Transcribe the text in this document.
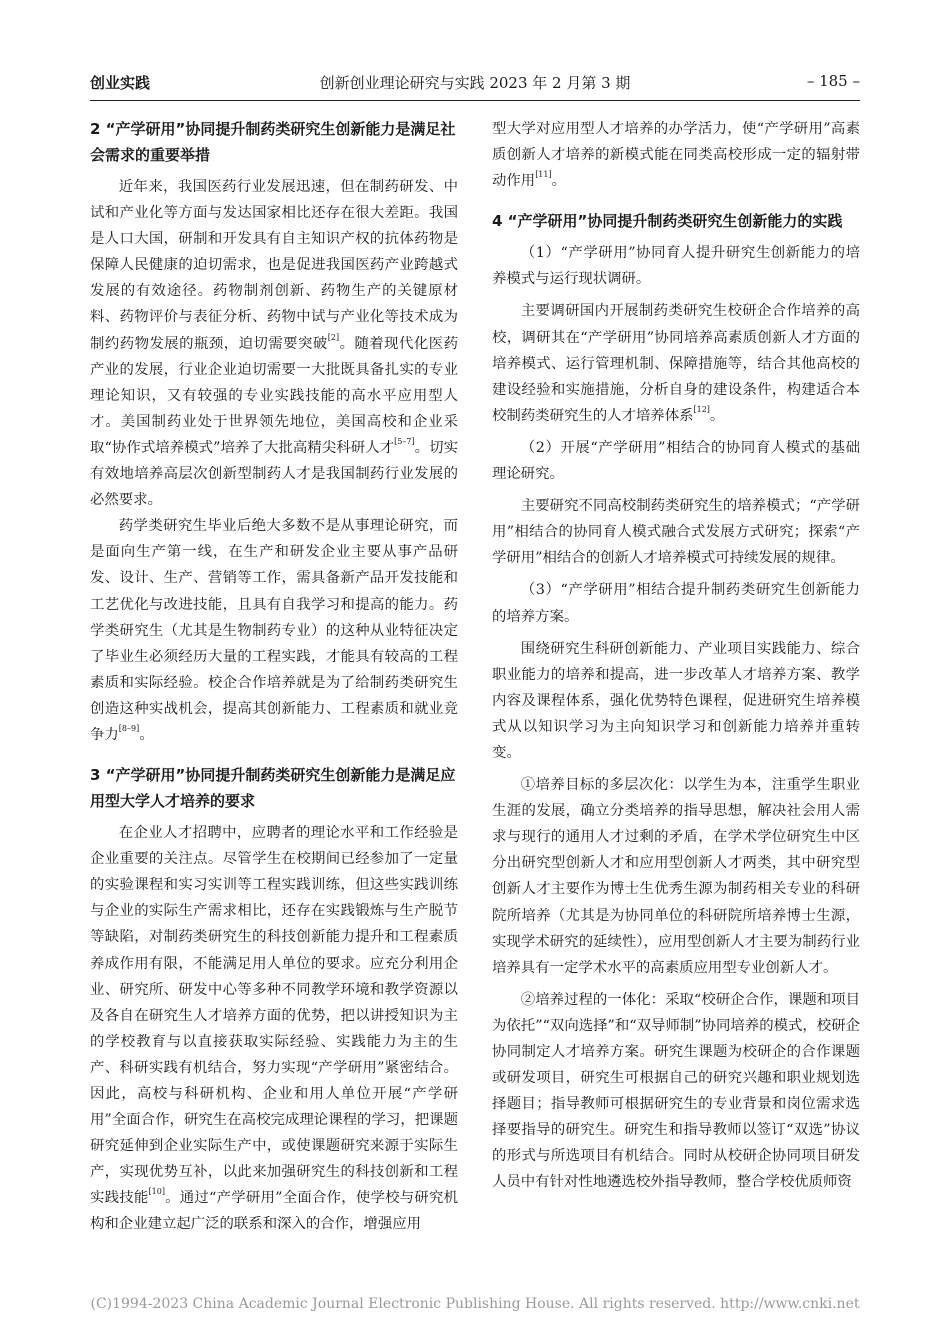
创业实践	创新创业理论研究与实践 2023 年 2 月第 3 期	– 185 –
2 “产学研用”协同提升制药类研究生创新能力是满足社会需求的重要举措

近年来，我国医药行业发展迅速，但在制药研发、中试和产业化等方面与发达国家相比还存在很大差距。我国是人口大国，研制和开发具有自主知识产权的抗体药物是保障人民健康的迫切需求，也是促进我国医药产业跨越式发展的有效途径。药物制剂创新、药物生产的关键原材料、药物评价与表征分析、药物中试与产业化等技术成为制约药物发展的瓶颈，迫切需要突破[2]。随着现代化医药产业的发展，行业企业迫切需要一大批既具备扎实的专业理论知识，又有较强的专业实践技能的高水平应用型人才。美国制药业处于世界领先地位，美国高校和企业采取“协作式培养模式”培养了大批高精尖科研人才[5–7]。切实有效地培养高层次创新型制药人才是我国制药行业发展的必然要求。

药学类研究生毕业后绝大多数不是从事理论研究，而是面向生产第一线，在生产和研发企业主要从事产品研发、设计、生产、营销等工作，需具备新产品开发技能和工艺优化与改进技能，且具有自我学习和提高的能力。药学类研究生（尤其是生物制药专业）的这种从业特征决定了毕业生必须经历大量的工程实践，才能具有较高的工程素质和实际经验。校企合作培养就是为了给制药类研究生创造这种实战机会，提高其创新能力、工程素质和就业竞争力[8–9]。

3 “产学研用”协同提升制药类研究生创新能力是满足应用型大学人才培养的要求

在企业人才招聘中，应聘者的理论水平和工作经验是企业重要的关注点。尽管学生在校期间已经参加了一定量的实验课程和实习实训等工程实践训练，但这些实践训练与企业的实际生产需求相比，还存在实践锻炼与生产脱节等缺陷，对制药类研究生的科技创新能力提升和工程素质养成作用有限，不能满足用人单位的要求。应充分利用企业、研究所、研发中心等多种不同教学环境和教学资源以及各自在研究生人才培养方面的优势，把以讲授知识为主的学校教育与以直接获取实际经验、实践能力为主的生产、科研实践有机结合，努力实现“产学研用”紧密结合。因此，高校与科研机构、企业和用人单位开展“产学研用”全面合作，研究生在高校完成理论课程的学习，把课题研究延伸到企业实际生产中，或使课题研究来源于实际生产，实现优势互补，以此来加强研究生的科技创新和工程实践技能[10]。通过“产学研用”全面合作，使学校与研究机构和企业建立起广泛的联系和深入的合作，增强应用

型大学对应用型人才培养的办学活力，使“产学研用”高素质创新人才培养的新模式能在同类高校形成一定的辐射带动作用[11]。

4 “产学研用”协同提升制药类研究生创新能力的实践

（1）“产学研用”协同育人提升研究生创新能力的培养模式与运行现状调研。

主要调研国内开展制药类研究生校研企合作培养的高校，调研其在“产学研用”协同培养高素质创新人才方面的培养模式、运行管理机制、保障措施等，结合其他高校的建设经验和实施措施，分析自身的建设条件，构建适合本校制药类研究生的人才培养体系[12]。

（2）开展“产学研用”相结合的协同育人模式的基础理论研究。

主要研究不同高校制药类研究生的培养模式；“产学研用”相结合的协同育人模式融合式发展方式研究；探索“产学研用”相结合的创新人才培养模式可持续发展的规律。

（3）“产学研用”相结合提升制药类研究生创新能力的培养方案。

围绕研究生科研创新能力、产业项目实践能力、综合职业能力的培养和提高，进一步改革人才培养方案、教学内容及课程体系，强化优势特色课程，促进研究生培养模式从以知识学习为主向知识学习和创新能力培养并重转变。

①培养目标的多层次化：以学生为本，注重学生职业生涯的发展，确立分类培养的指导思想，解决社会用人需求与现行的通用人才过剩的矛盾，在学术学位研究生中区分出研究型创新人才和应用型创新人才两类，其中研究型创新人才主要作为博士生优秀生源为制药相关专业的科研院所培养（尤其是为协同单位的科研院所培养博士生源，实现学术研究的延续性），应用型创新人才主要为制药行业培养具有一定学术水平的高素质应用型专业创新人才。

②培养过程的一体化：采取“校研企合作，课题和项目为依托”“双向选择”和“双导师制”协同培养的模式，校研企协同制定人才培养方案。研究生课题为校研企的合作课题或研发项目，研究生可根据自己的研究兴趣和职业规划选择题目；指导教师可根据研究生的专业背景和岗位需求选择要指导的研究生。研究生和指导教师以签订“双选”协议的形式与所选项目有机结合。同时从校研企协同项目研发人员中有针对性地遴选校外指导教师，整合学校优质师资

(C)1994-2023 China Academic Journal Electronic Publishing House. All rights reserved. http://www.cnki.net
